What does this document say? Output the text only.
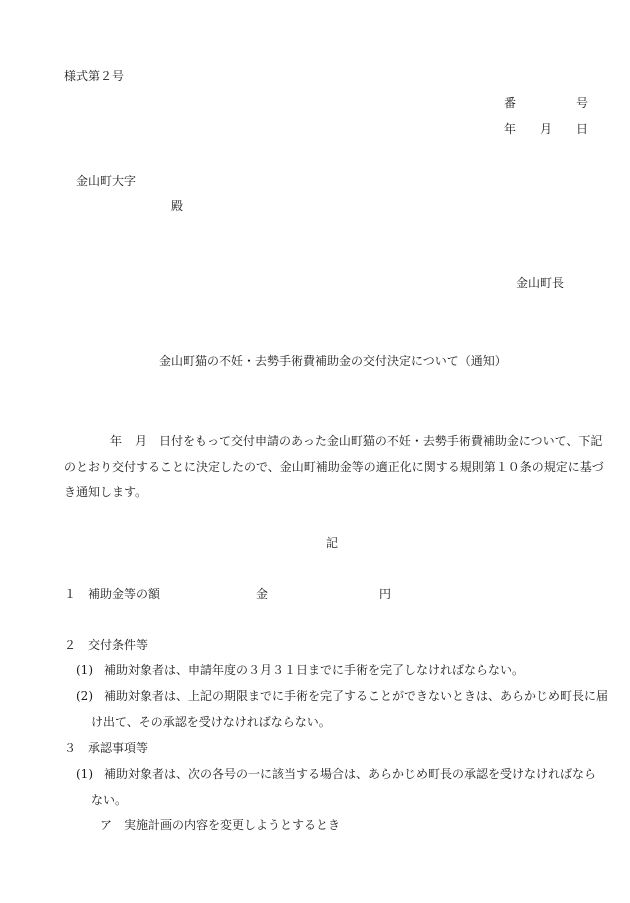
様式第２号
番	号
年 月 日
金山町大字
殿
金山町長
金山町猫の不妊・去勢手術費補助金の交付決定について（通知）
年 月 日付をもって交付申請のあった金山町猫の不妊・去勢手術費補助金について、下記
のとおり交付することに決定したので、金山町補助金等の適正化に関する規則第１０条の規定に基づ
き通知します。
記
１　補助金等の額	金	円
２　交付条件等
(1) 補助対象者は、申請年度の３月３１日までに手術を完了しなければならない。
(2) 補助対象者は、上記の期限までに手術を完了することができないときは、あらかじめ町長に届
け出て、その承認を受けなければならない。
３　承認事項等
(1) 補助対象者は、次の各号の一に該当する場合は、あらかじめ町長の承認を受けなければなら
ない。
ア　実施計画の内容を変更しようとするとき
